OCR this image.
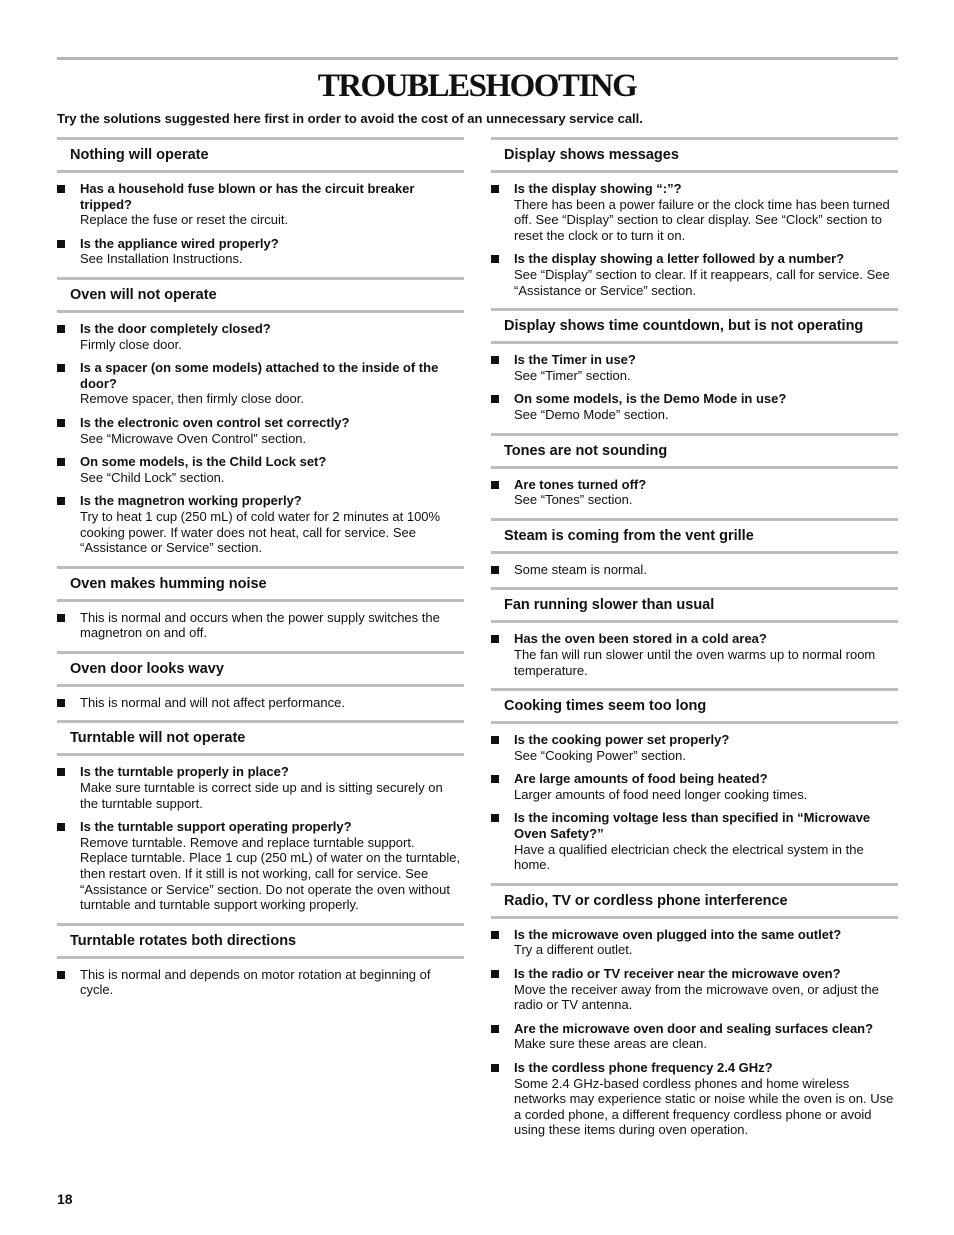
TROUBLESHOOTING
Try the solutions suggested here first in order to avoid the cost of an unnecessary service call.
Nothing will operate
Has a household fuse blown or has the circuit breaker tripped?
Replace the fuse or reset the circuit.
Is the appliance wired properly?
See Installation Instructions.
Oven will not operate
Is the door completely closed?
Firmly close door.
Is a spacer (on some models) attached to the inside of the door?
Remove spacer, then firmly close door.
Is the electronic oven control set correctly?
See “Microwave Oven Control” section.
On some models, is the Child Lock set?
See “Child Lock” section.
Is the magnetron working properly?
Try to heat 1 cup (250 mL) of cold water for 2 minutes at 100% cooking power. If water does not heat, call for service. See “Assistance or Service” section.
Oven makes humming noise
This is normal and occurs when the power supply switches the magnetron on and off.
Oven door looks wavy
This is normal and will not affect performance.
Turntable will not operate
Is the turntable properly in place?
Make sure turntable is correct side up and is sitting securely on the turntable support.
Is the turntable support operating properly?
Remove turntable. Remove and replace turntable support. Replace turntable. Place 1 cup (250 mL) of water on the turntable, then restart oven. If it still is not working, call for service. See “Assistance or Service” section. Do not operate the oven without turntable and turntable support working properly.
Turntable rotates both directions
This is normal and depends on motor rotation at beginning of cycle.
Display shows messages
Is the display showing “:”?
There has been a power failure or the clock time has been turned off. See “Display” section to clear display. See “Clock” section to reset the clock or to turn it on.
Is the display showing a letter followed by a number?
See “Display” section to clear. If it reappears, call for service. See “Assistance or Service” section.
Display shows time countdown, but is not operating
Is the Timer in use?
See “Timer” section.
On some models, is the Demo Mode in use?
See “Demo Mode” section.
Tones are not sounding
Are tones turned off?
See “Tones” section.
Steam is coming from the vent grille
Some steam is normal.
Fan running slower than usual
Has the oven been stored in a cold area?
The fan will run slower until the oven warms up to normal room temperature.
Cooking times seem too long
Is the cooking power set properly?
See “Cooking Power” section.
Are large amounts of food being heated?
Larger amounts of food need longer cooking times.
Is the incoming voltage less than specified in “Microwave Oven Safety?”
Have a qualified electrician check the electrical system in the home.
Radio, TV or cordless phone interference
Is the microwave oven plugged into the same outlet?
Try a different outlet.
Is the radio or TV receiver near the microwave oven?
Move the receiver away from the microwave oven, or adjust the radio or TV antenna.
Are the microwave oven door and sealing surfaces clean?
Make sure these areas are clean.
Is the cordless phone frequency 2.4 GHz?
Some 2.4 GHz-based cordless phones and home wireless networks may experience static or noise while the oven is on. Use a corded phone, a different frequency cordless phone or avoid using these items during oven operation.
18
